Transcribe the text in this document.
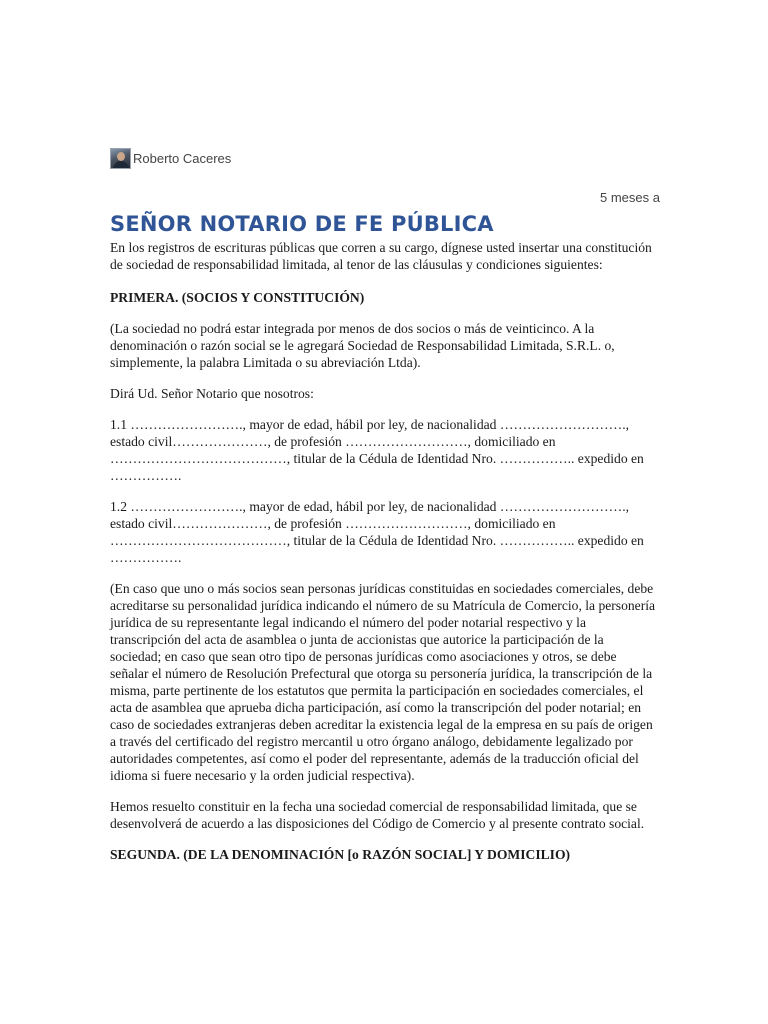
Roberto Caceres
5 meses a
SEÑOR NOTARIO DE FE PÚBLICA

En los registros de escrituras públicas que corren a su cargo, dígnese usted insertar una constitución de sociedad de responsabilidad limitada, al tenor de las cláusulas y condiciones siguientes:

PRIMERA. (SOCIOS Y CONSTITUCIÓN)

(La sociedad no podrá estar integrada por menos de dos socios o más de veinticinco. A la denominación o razón social se le agregará Sociedad de Responsabilidad Limitada, S.R.L. o, simplemente, la palabra Limitada o su abreviación Ltda).

Dirá Ud. Señor Notario que nosotros:

1.1 ……………………., mayor de edad, hábil por ley, de nacionalidad ………………………., estado civil…………………, de profesión ………………………, domiciliado en …………………………………, titular de la Cédula de Identidad Nro. …………….. expedido en …………….

1.2 ……………………., mayor de edad, hábil por ley, de nacionalidad ………………………., estado civil…………………, de profesión ………………………, domiciliado en …………………………………, titular de la Cédula de Identidad Nro. …………….. expedido en …………….

(En caso que uno o más socios sean personas jurídicas constituidas en sociedades comerciales, debe acreditarse su personalidad jurídica indicando el número de su Matrícula de Comercio, la personería jurídica de su representante legal indicando el número del poder notarial respectivo y la transcripción del acta de asamblea o junta de accionistas que autorice la participación de la sociedad; en caso que sean otro tipo de personas jurídicas como asociaciones y otros, se debe señalar el número de Resolución Prefectural que otorga su personería jurídica, la transcripción de la misma, parte pertinente de los estatutos que permita la participación en sociedades comerciales, el acta de asamblea que aprueba dicha participación, así como la transcripción del poder notarial; en caso de sociedades extranjeras deben acreditar la existencia legal de la empresa en su país de origen a través del certificado del registro mercantil u otro órgano análogo, debidamente legalizado por autoridades competentes, así como el poder del representante, además de la traducción oficial del idioma si fuere necesario y la orden judicial respectiva).

Hemos resuelto constituir en la fecha una sociedad comercial de responsabilidad limitada, que se desenvolverá de acuerdo a las disposiciones del Código de Comercio y al presente contrato social.

SEGUNDA. (DE LA DENOMINACIÓN [o RAZÓN SOCIAL] Y DOMICILIO)
